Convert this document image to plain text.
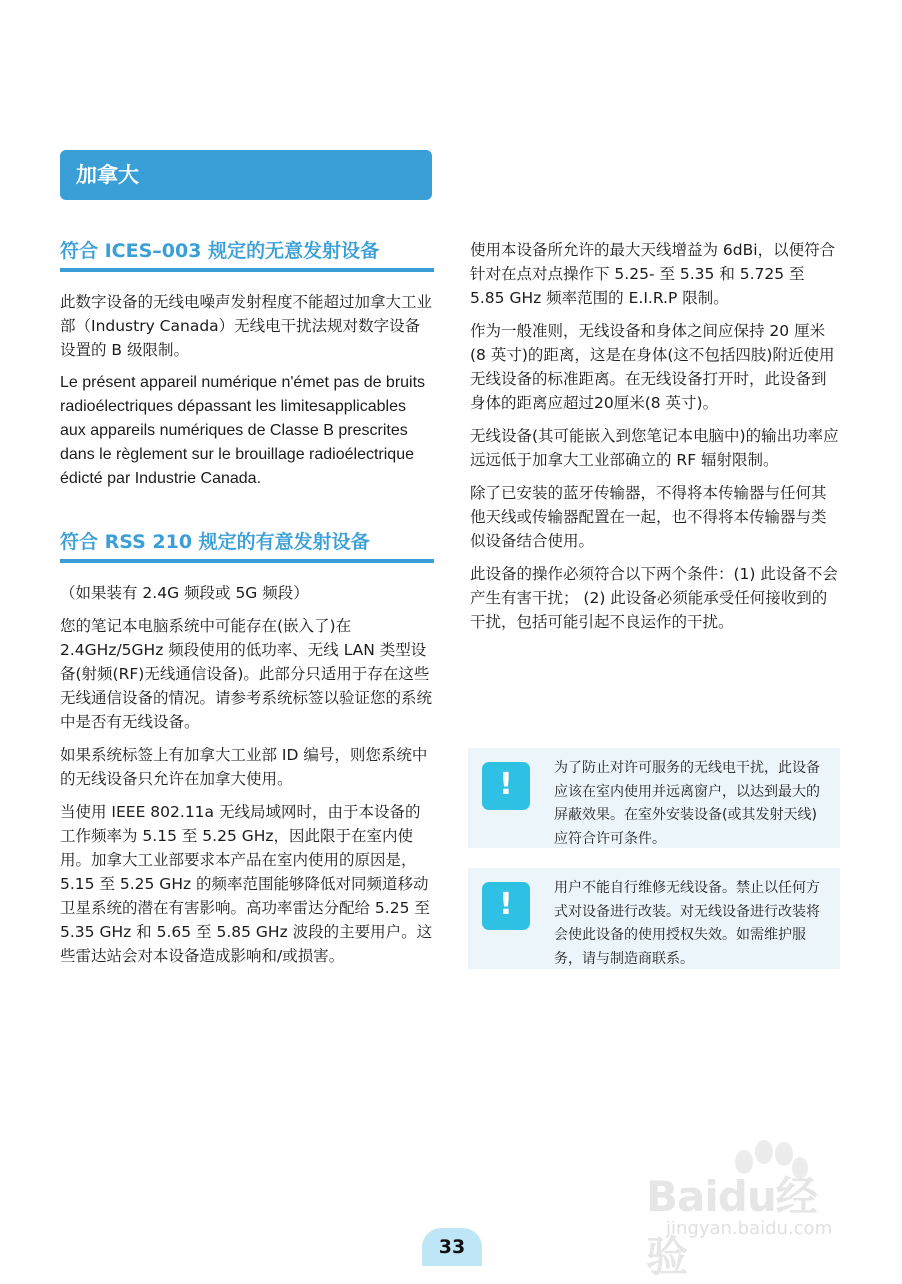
加拿大
符合 ICES–003 规定的无意发射设备

此数字设备的无线电噪声发射程度不能超过加拿大工业部（Industry Canada）无线电干扰法规对数字设备设置的 B 级限制。

Le présent appareil numérique n'émet pas de bruits radioélectriques dépassant les limitesapplicables aux appareils numériques de Classe B prescrites dans le règlement sur le brouillage radioélectrique édicté par Industrie Canada.

符合 RSS 210 规定的有意发射设备

（如果装有 2.4G 频段或 5G 频段）

您的笔记本电脑系统中可能存在(嵌入了)在 2.4GHz/5GHz 频段使用的低功率、无线 LAN 类型设备(射频(RF)无线通信设备)。此部分只适用于存在这些无线通信设备的情况。请参考系统标签以验证您的系统中是否有无线设备。

如果系统标签上有加拿大工业部 ID 编号，则您系统中的无线设备只允许在加拿大使用。

当使用 IEEE 802.11a 无线局域网时，由于本设备的工作频率为 5.15 至 5.25 GHz，因此限于在室内使用。加拿大工业部要求本产品在室内使用的原因是，5.15 至 5.25 GHz 的频率范围能够降低对同频道移动卫星系统的潜在有害影响。高功率雷达分配给 5.25 至 5.35 GHz 和 5.65 至 5.85 GHz 波段的主要用户。这些雷达站会对本设备造成影响和/或损害。

使用本设备所允许的最大天线增益为 6dBi，以便符合针对在点对点操作下 5.25- 至 5.35 和 5.725 至 5.85 GHz 频率范围的 E.I.R.P 限制。

作为一般准则，无线设备和身体之间应保持 20 厘米(8 英寸)的距离，这是在身体(这不包括四肢)附近使用无线设备的标准距离。在无线设备打开时，此设备到身体的距离应超过20厘米(8 英寸)。

无线设备(其可能嵌入到您笔记本电脑中)的输出功率应远远低于加拿大工业部确立的 RF 辐射限制。

除了已安装的蓝牙传输器，不得将本传输器与任何其他天线或传输器配置在一起，也不得将本传输器与类似设备结合使用。

此设备的操作必须符合以下两个条件：(1) 此设备不会产生有害干扰； (2) 此设备必须能承受任何接收到的干扰，包括可能引起不良运作的干扰。

!	为了防止对许可服务的无线电干扰，此设备应该在室内使用并远离窗户，以达到最大的屏蔽效果。在室外安装设备(或其发射天线)应符合许可条件。

!	用户不能自行维修无线设备。禁止以任何方式对设备进行改装。对无线设备进行改装将会使此设备的使用授权失效。如需维护服务，请与制造商联系。

Baidu经验
jingyan.baidu.com
33
